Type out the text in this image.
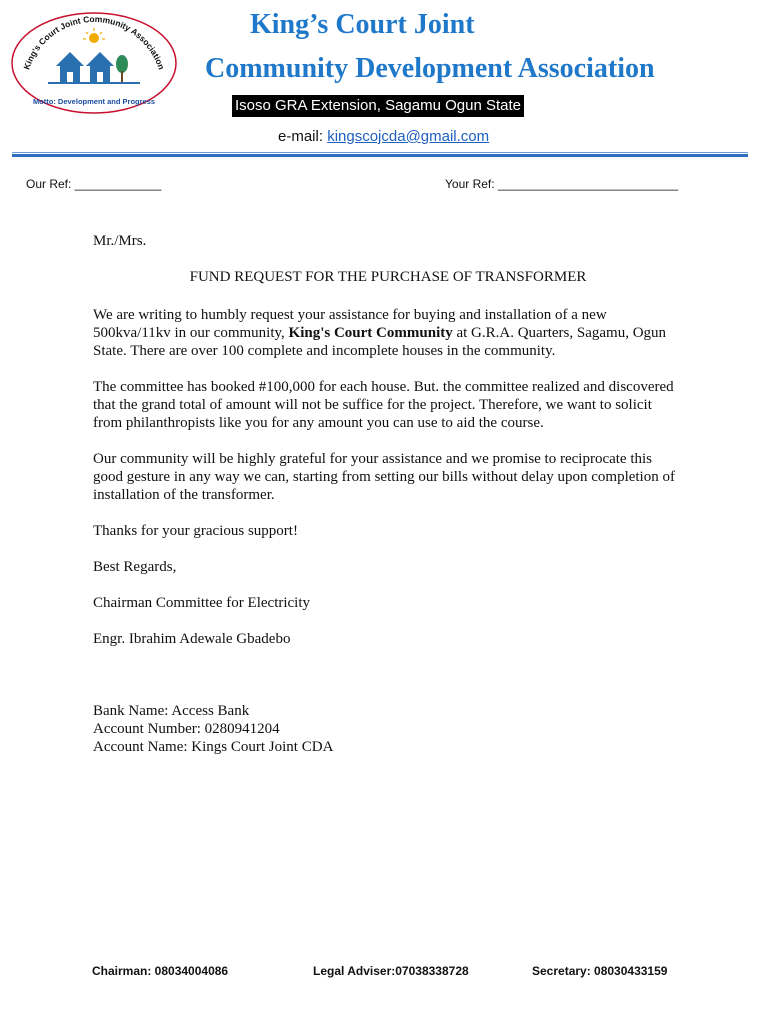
King's Court Joint Community Association
Motto: Development and Progress
King’s Court Joint
Community Development Association
Isoso GRA Extension, Sagamu Ogun State
e-mail: kingscojcda@gmail.com
Our Ref: _____________	Your Ref: ___________________________

Mr./Mrs.

FUND REQUEST FOR THE PURCHASE OF TRANSFORMER

We are writing to humbly request your assistance for buying and installation of a new 500kva/11kv in our community, King's Court Community at G.R.A. Quarters, Sagamu, Ogun State. There are over 100 complete and incomplete houses in the community.

The committee has booked #100,000 for each house. But. the committee realized and discovered that the grand total of amount will not be suffice for the project. Therefore, we want to solicit from philanthropists like you for any amount you can use to aid the course.

Our community will be highly grateful for your assistance and we promise to reciprocate this good gesture in any way we can, starting from setting our bills without delay upon completion of installation of the transformer.

Thanks for your gracious support!

Best Regards,

Chairman Committee for Electricity

Engr. Ibrahim Adewale Gbadebo

Bank Name: Access Bank

Account Number: 0280941204

Account Name: Kings Court Joint CDA

Chairman: 08034004086	Legal Adviser:07038338728	Secretary: 08030433159
